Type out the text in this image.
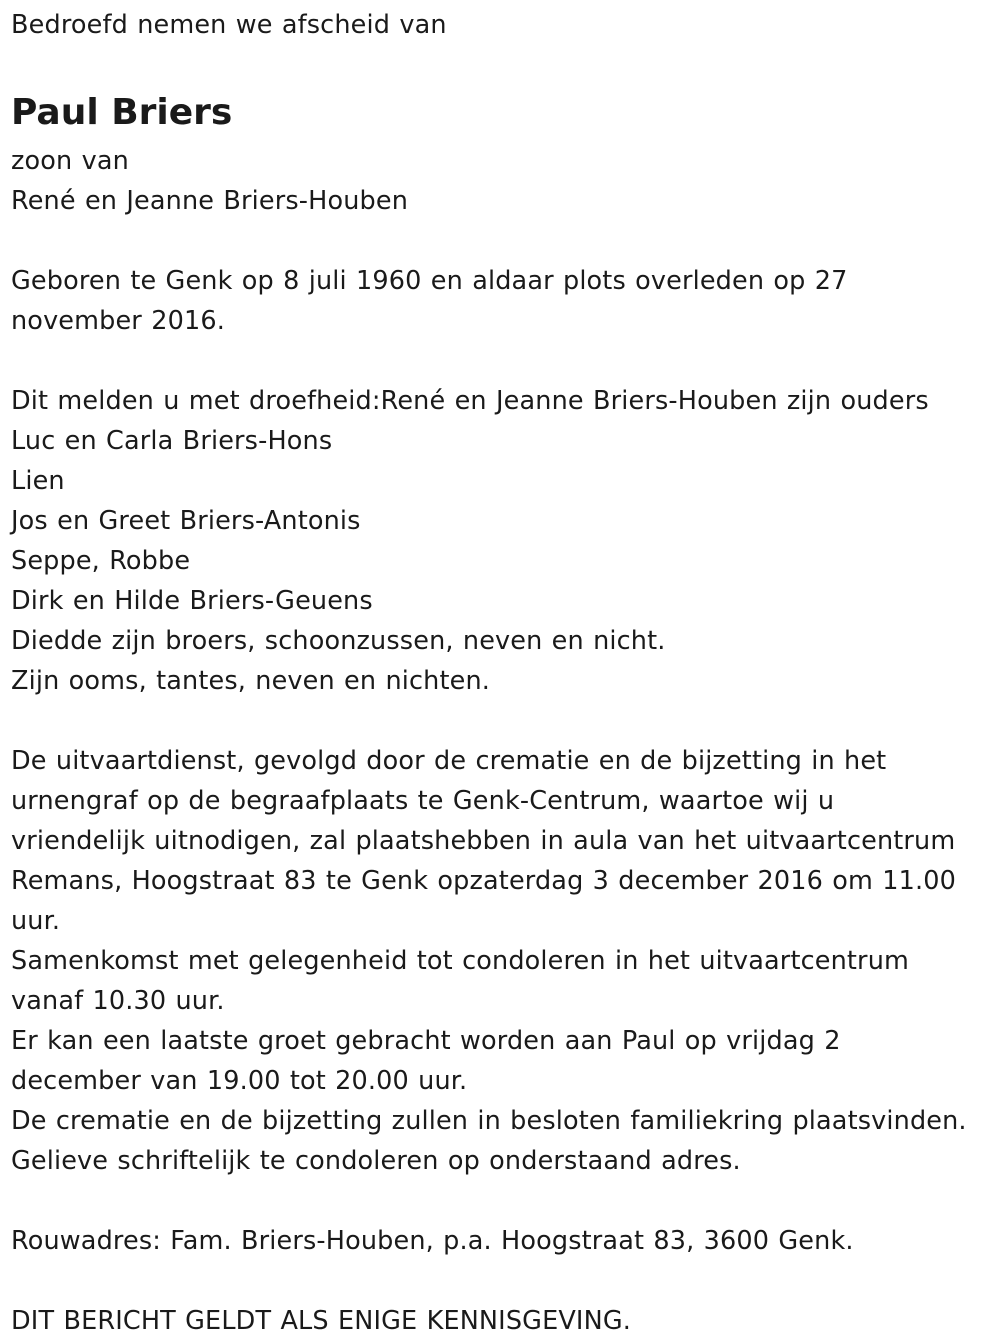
Bedroefd nemen we afscheid van
Paul Briers
zoon van
René en Jeanne Briers-Houben
Geboren te Genk op 8 juli 1960 en aldaar plots overleden op 27
november 2016.
Dit melden u met droefheid:René en Jeanne Briers-Houben zijn ouders
Luc en Carla Briers-Hons
Lien
Jos en Greet Briers-Antonis
Seppe, Robbe
Dirk en Hilde Briers-Geuens
Diedde zijn broers, schoonzussen, neven en nicht.
Zijn ooms, tantes, neven en nichten.
De uitvaartdienst, gevolgd door de crematie en de bijzetting in het
urnengraf op de begraafplaats te Genk-Centrum, waartoe wij u
vriendelijk uitnodigen, zal plaatshebben in aula van het uitvaartcentrum
Remans, Hoogstraat 83 te Genk opzaterdag 3 december 2016 om 11.00
uur.
Samenkomst met gelegenheid tot condoleren in het uitvaartcentrum
vanaf 10.30 uur.
Er kan een laatste groet gebracht worden aan Paul op vrijdag 2
december van 19.00 tot 20.00 uur.
De crematie en de bijzetting zullen in besloten familiekring plaatsvinden.
Gelieve schriftelijk te condoleren op onderstaand adres.
Rouwadres: Fam. Briers-Houben, p.a. Hoogstraat 83, 3600 Genk.
DIT BERICHT GELDT ALS ENIGE KENNISGEVING.
